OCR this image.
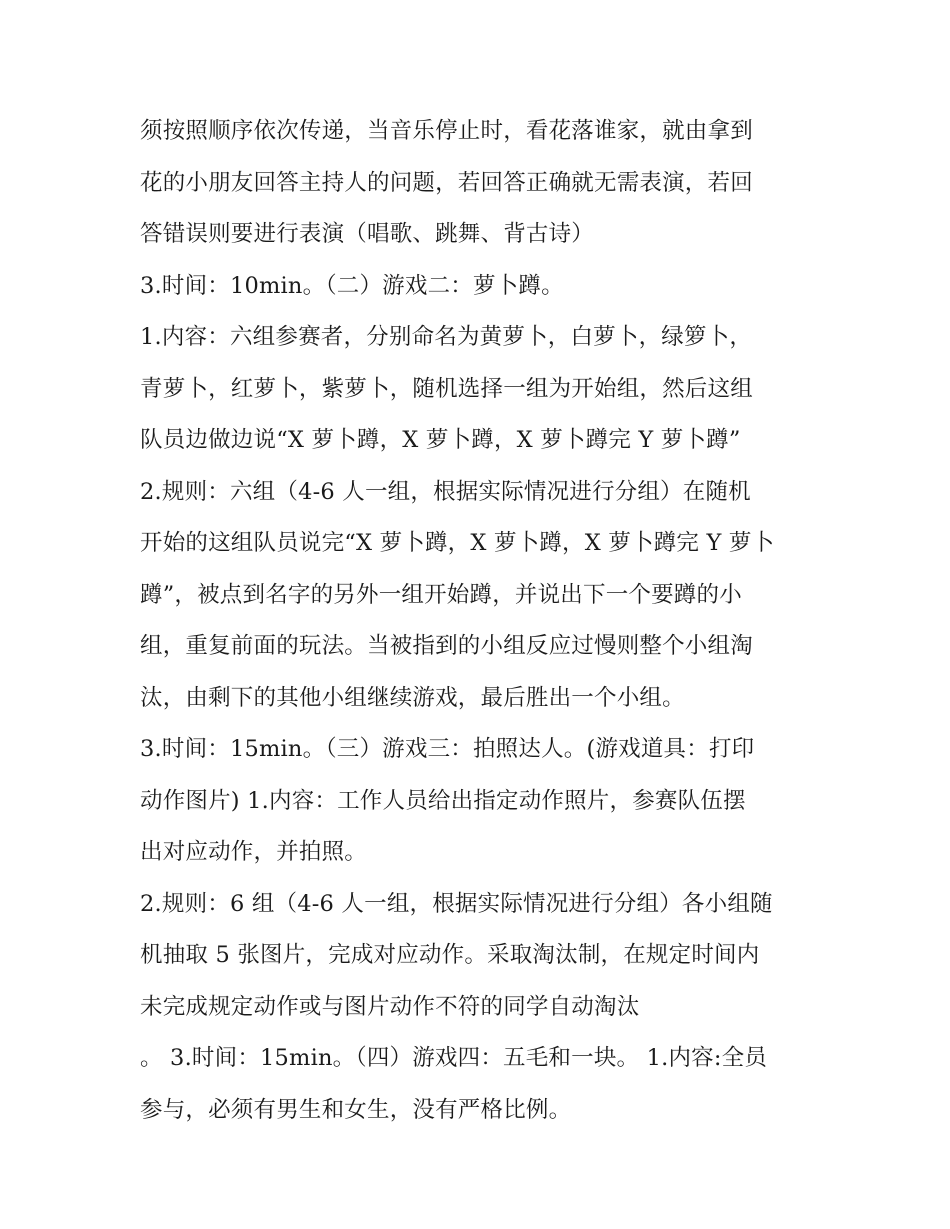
须按照顺序依次传递，当音乐停止时，看花落谁家，就由拿到
花的小朋友回答主持人的问题，若回答正确就无需表演，若回
答错误则要进行表演（唱歌、跳舞、背古诗）
3.时间：10min。（二）游戏二：萝卜蹲。
1.内容：六组参赛者，分别命名为黄萝卜，白萝卜，绿箩卜，
青萝卜，红萝卜，紫萝卜，随机选择一组为开始组，然后这组
队员边做边说“X 萝卜蹲，X 萝卜蹲，X 萝卜蹲完 Y 萝卜蹲”
2.规则：六组（4-6 人一组，根据实际情况进行分组）在随机
开始的这组队员说完“X 萝卜蹲，X 萝卜蹲，X 萝卜蹲完 Y 萝卜
蹲”，被点到名字的另外一组开始蹲，并说出下一个要蹲的小
组，重复前面的玩法。当被指到的小组反应过慢则整个小组淘
汰，由剩下的其他小组继续游戏，最后胜出一个小组。
3.时间：15min。（三）游戏三：拍照达人。(游戏道具：打印
动作图片) 1.内容：工作人员给出指定动作照片，参赛队伍摆
出对应动作，并拍照。
2.规则：6 组（4-6 人一组，根据实际情况进行分组）各小组随
机抽取 5 张图片，完成对应动作。采取淘汰制，在规定时间内
未完成规定动作或与图片动作不符的同学自动淘汰
。 3.时间：15min。（四）游戏四：五毛和一块。 1.内容:全员
参与，必须有男生和女生，没有严格比例。
